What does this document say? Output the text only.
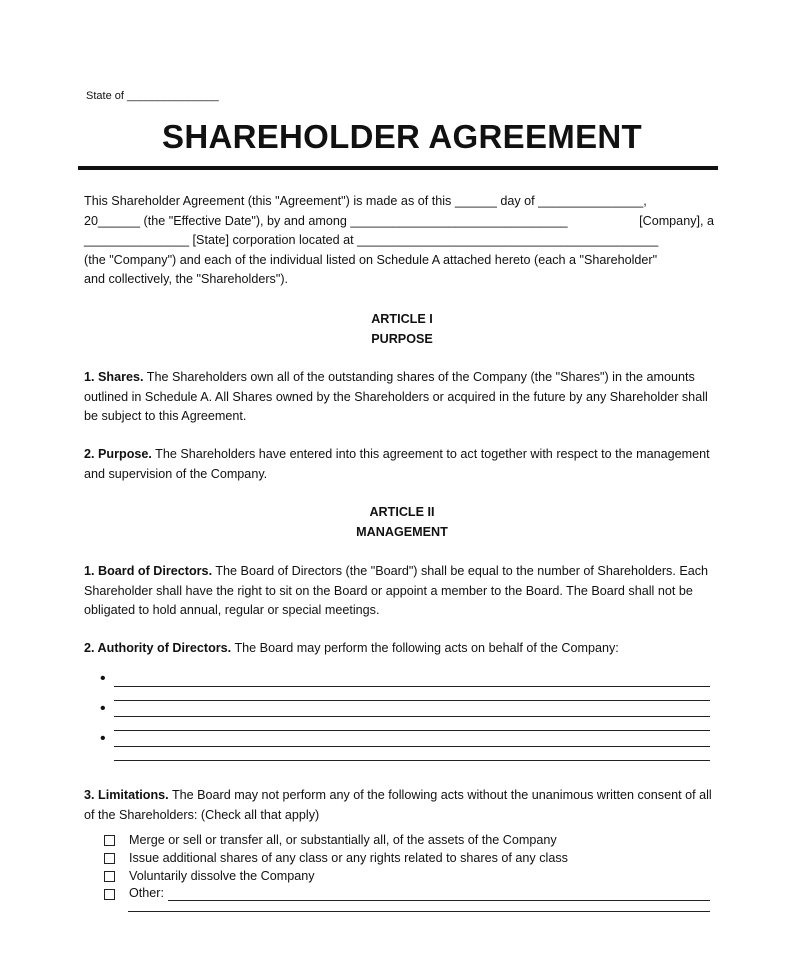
State of _______________
SHAREHOLDER AGREEMENT
This Shareholder Agreement (this "Agreement") is made as of this ______ day of _______________,
20______ (the "Effective Date"), by and among _______________________________	[Company], a
_______________ [State] corporation located at ___________________________________________
(the "Company") and each of the individual listed on Schedule A attached hereto (each a "Shareholder"
and collectively, the "Shareholders").
ARTICLE I
PURPOSE
1. Shares. The Shareholders own all of the outstanding shares of the Company (the "Shares") in the amounts outlined in Schedule A. All Shares owned by the Shareholders or acquired in the future by any Shareholder shall be subject to this Agreement.
2. Purpose. The Shareholders have entered into this agreement to act together with respect to the management and supervision of the Company.
ARTICLE II
MANAGEMENT
1. Board of Directors. The Board of Directors (the "Board") shall be equal to the number of Shareholders. Each Shareholder shall have the right to sit on the Board or appoint a member to the Board. The Board shall not be obligated to hold annual, regular or special meetings.
2. Authority of Directors. The Board may perform the following acts on behalf of the Company:
•
•
•
3. Limitations. The Board may not perform any of the following acts without the unanimous written consent of all of the Shareholders: (Check all that apply)
Merge or sell or transfer all, or substantially all, of the assets of the Company
Issue additional shares of any class or any rights related to shares of any class
Voluntarily dissolve the Company
Other:
